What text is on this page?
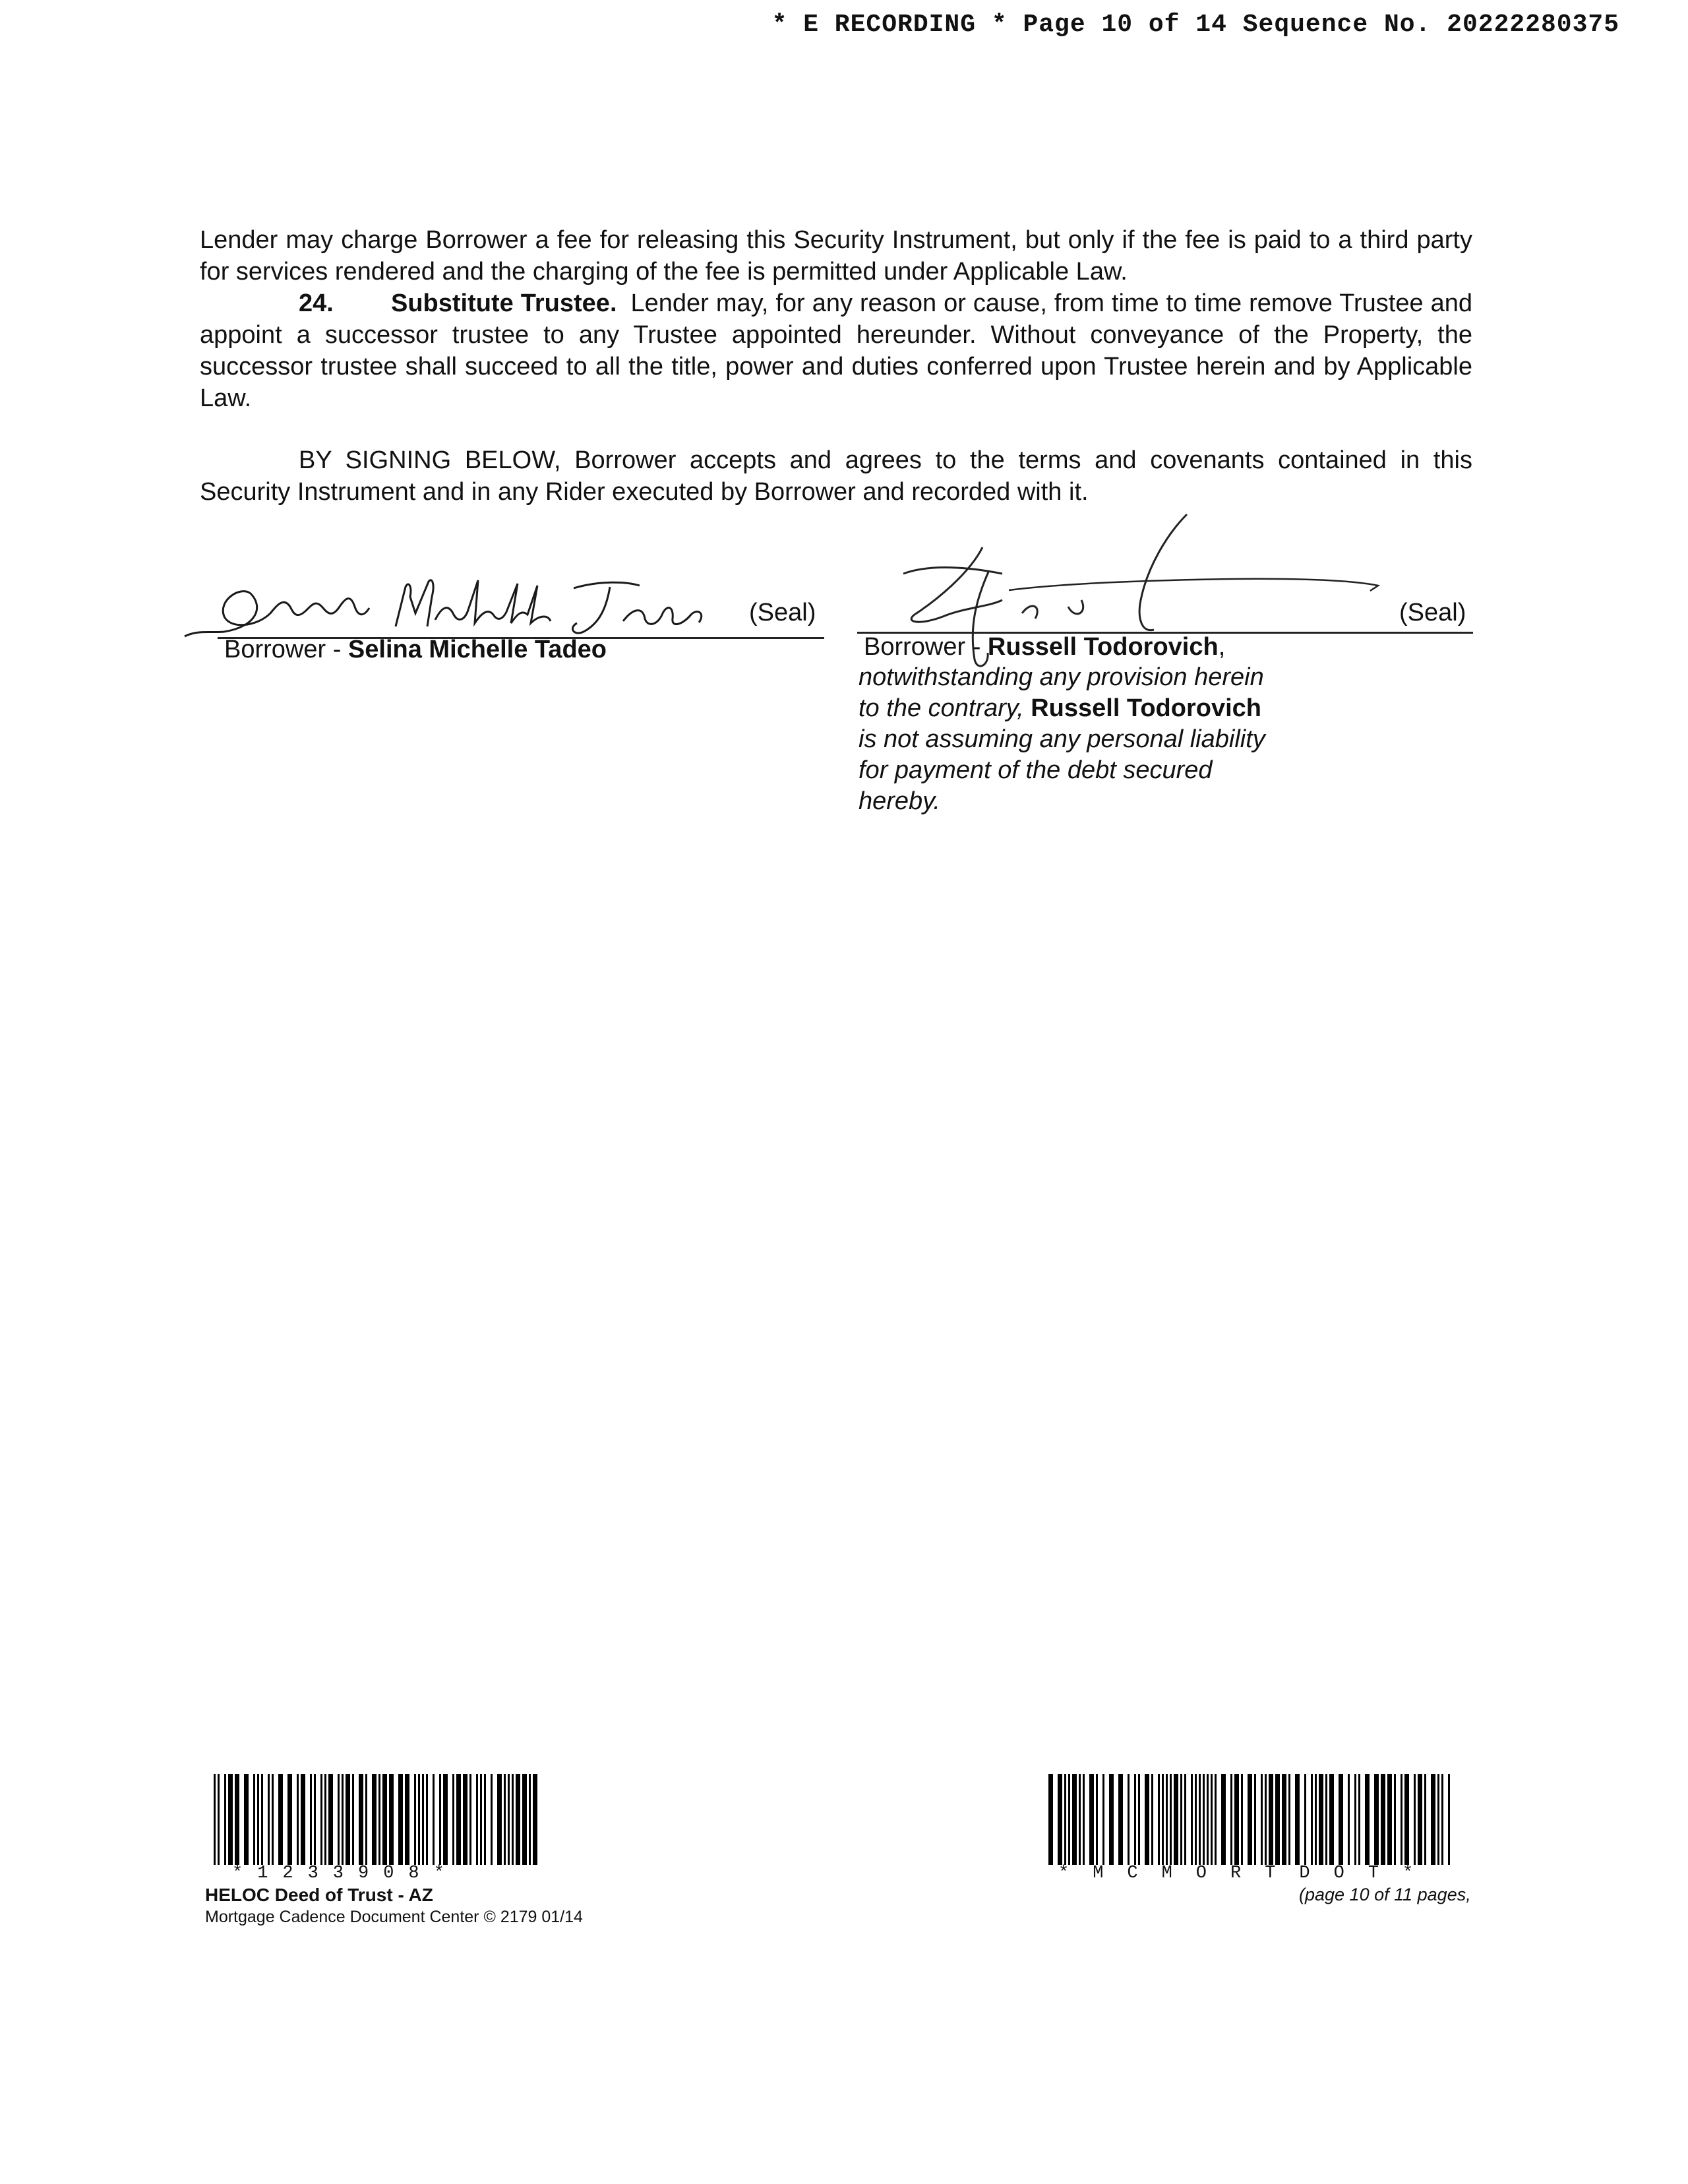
* E RECORDING * Page 10 of 14 Sequence No. 20222280375
Lender may charge Borrower a fee for releasing this Security Instrument, but only if the fee is paid to a third party for services rendered and the charging of the fee is permitted under Applicable Law.
24. Substitute Trustee. Lender may, for any reason or cause, from time to time remove Trustee and appoint a successor trustee to any Trustee appointed hereunder. Without conveyance of the Property, the successor trustee shall succeed to all the title, power and duties conferred upon Trustee herein and by Applicable Law.
BY SIGNING BELOW, Borrower accepts and agrees to the terms and covenants contained in this Security Instrument and in any Rider executed by Borrower and recorded with it.
(Seal)
Borrower - Selina Michelle Tadeo
(Seal)
Borrower - Russell Todorovich,
notwithstanding any provision herein
to the contrary, Russell Todorovich
is not assuming any personal liability
for payment of the debt secured
hereby.
*1233908*
HELOC Deed of Trust - AZ
Mortgage Cadence Document Center © 2179 01/14
*MCMORTDOT*
(page 10 of 11 pages,
